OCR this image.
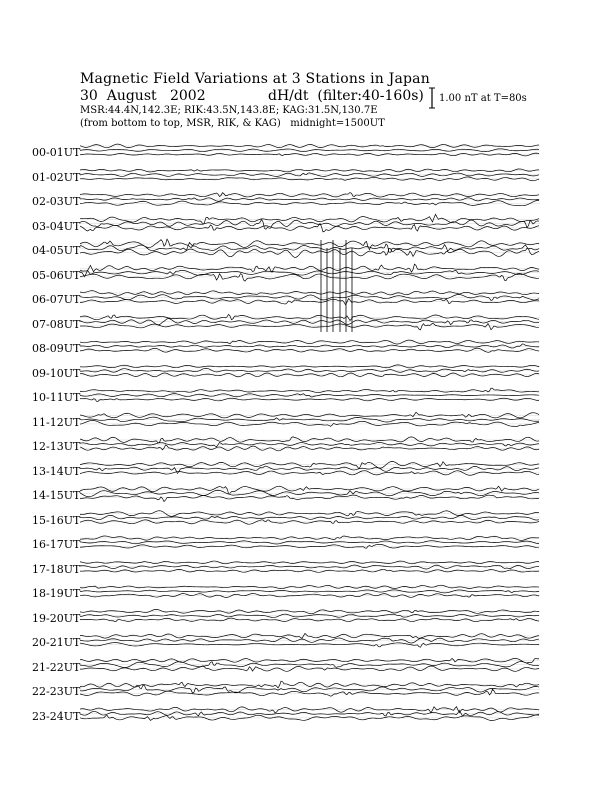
Magnetic Field Variations at 3 Stations in Japan
30  August   2002	dH/dt  (filter:40-160s)
MSR:44.4N,142.3E; RIK:43.5N,143.8E; KAG:31.5N,130.7E
(from bottom to top, MSR, RIK, & KAG)   midnight=1500UT
1.00 nT at T=80s
00-01UT
01-02UT
02-03UT
03-04UT
04-05UT
05-06UT
06-07UT
07-08UT
08-09UT
09-10UT
10-11UT
11-12UT
12-13UT
13-14UT
14-15UT
15-16UT
16-17UT
17-18UT
18-19UT
19-20UT
20-21UT
21-22UT
22-23UT
23-24UT
